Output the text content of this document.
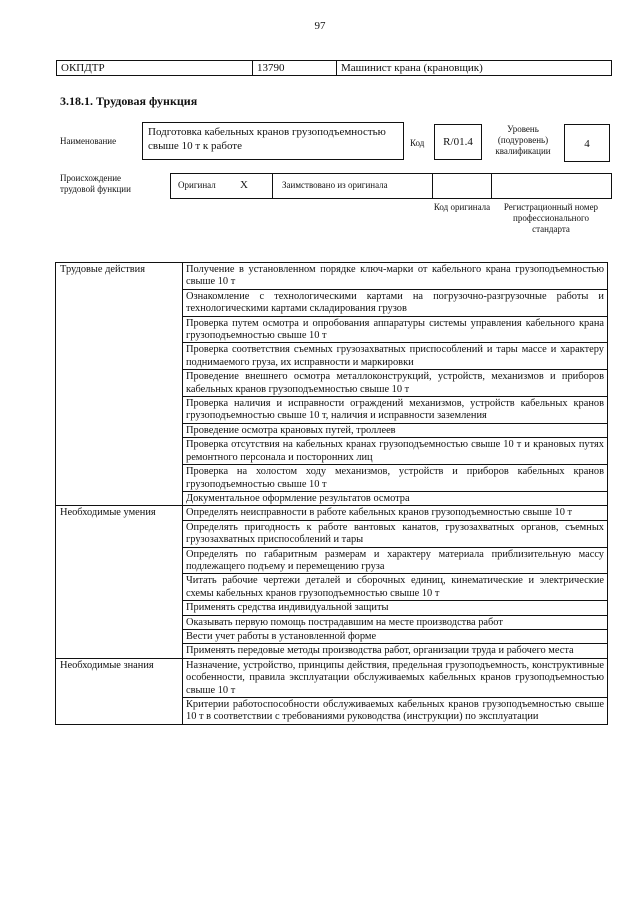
97
ОКПДТР	13790	Машинист крана (крановщик)
3.18.1. Трудовая функция
Наименование
Подготовка кабельных кранов грузоподъемностью свыше 10 т к работе	Код	R/01.4
Уровень (подуровень) квалификации
4
Происхождение трудовой функции	Оригинал Х	Заимствовано из оригинала
Код оригинала	Регистрационный номер профессионального стандарта
Трудовые действия	Получение в установленном порядке ключ-марки от кабельного крана грузоподъемностью свыше 10 т
	Ознакомление с технологическими картами на погрузочно-разгрузочные работы и технологическими картами складирования грузов
	Проверка путем осмотра и опробования аппаратуры системы управления кабельного крана грузоподъемностью свыше 10 т
	Проверка соответствия съемных грузозахватных приспособлений и тары массе и характеру поднимаемого груза, их исправности и маркировки
	Проведение внешнего осмотра металлоконструкций, устройств, механизмов и приборов кабельных кранов грузоподъемностью свыше 10 т
	Проверка наличия и исправности ограждений механизмов, устройств кабельных кранов грузоподъемностью свыше 10 т, наличия и исправности заземления
	Проведение осмотра крановых путей, троллеев
	Проверка отсутствия на кабельных кранах грузоподъемностью свыше 10 т и крановых путях ремонтного персонала и посторонних лиц
	Проверка на холостом ходу механизмов, устройств и приборов кабельных кранов грузоподъемностью свыше 10 т
	Документальное оформление результатов осмотра
Необходимые умения	Определять неисправности в работе кабельных кранов грузоподъемностью свыше 10 т
	Определять пригодность к работе вантовых канатов, грузозахватных органов, съемных грузозахватных приспособлений и тары
	Определять по габаритным размерам и характеру материала приблизительную массу подлежащего подъему и перемещению груза
	Читать рабочие чертежи деталей и сборочных единиц, кинематические и электрические схемы кабельных кранов грузоподъемностью свыше 10 т
	Применять средства индивидуальной защиты
	Оказывать первую помощь пострадавшим на месте производства работ
	Вести учет работы в установленной форме
	Применять передовые методы производства работ, организации труда и рабочего места
Необходимые знания	Назначение, устройство, принципы действия, предельная грузоподъемность, конструктивные особенности, правила эксплуатации обслуживаемых кабельных кранов грузоподъемностью свыше 10 т
	Критерии работоспособности обслуживаемых кабельных кранов грузоподъемностью свыше 10 т в соответствии с требованиями руководства (инструкции) по эксплуатации
